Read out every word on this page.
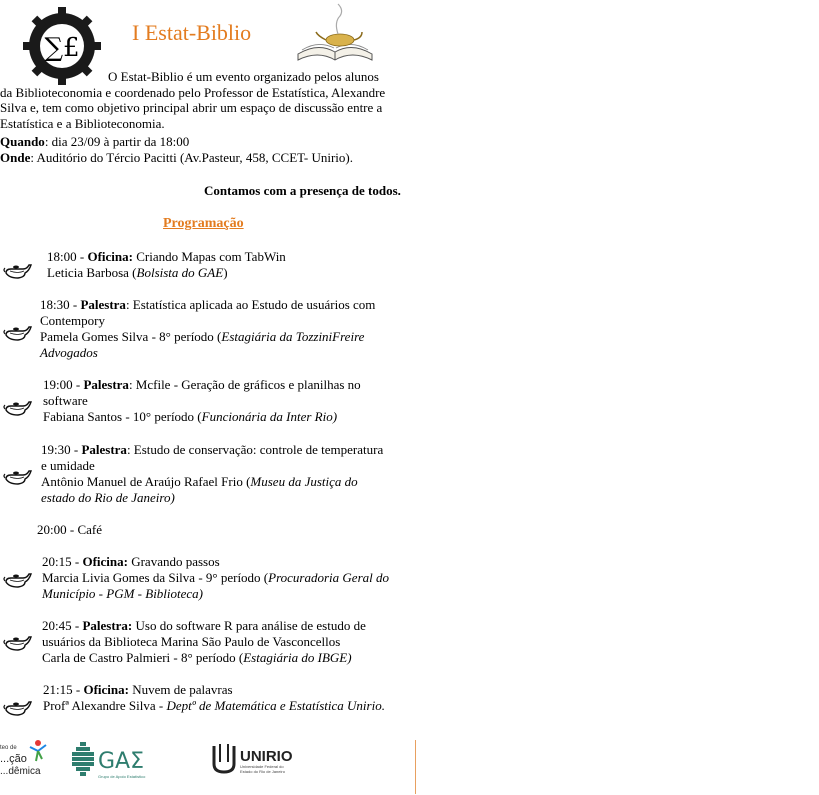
∑£
I Estat-Biblio
O Estat-Biblio é um evento organizado pelos alunos
da Biblioteconomia e coordenado pelo Professor de Estatística, Alexandre
Silva e, tem como objetivo principal abrir um espaço de discussão entre a
Estatística e a Biblioteconomia.
Quando: dia 23/09 à partir da 18:00
Onde: Auditório do Tércio Pacitti (Av.Pasteur, 458, CCET- Unirio).
Contamos com a presença de todos.
Programação
18:00 - Oficina: Criando Mapas com TabWin
Leticia Barbosa (Bolsista do GAE)
18:30 - Palestra: Estatística aplicada ao Estudo de usuários com
Contempory
Pamela Gomes Silva - 8° período (Estagiária da TozziniFreire
Advogados
19:00 - Palestra: Mcfile - Geração de gráficos e planilhas no
software
Fabiana Santos - 10° período (Funcionária da Inter Rio)
19:30 - Palestra: Estudo de conservação: controle de temperatura
e umidade
Antônio Manuel de Araújo Rafael Frio (Museu da Justiça do
estado do Rio de Janeiro)
20:15 - Oficina: Gravando passos
Marcia Livia Gomes da Silva - 9° período (Procuradoria Geral do
Município - PGM - Biblioteca)
20:45 - Palestra: Uso do software R para análise de estudo de
usuários da Biblioteca Marina São Paulo de Vasconcellos
Carla de Castro Palmieri - 8° período (Estagiária do IBGE)
21:15 - Oficina: Nuvem de palavras
Profª Alexandre Silva - Deptº de Matemática e Estatística Unirio.
20:00 - Café
teo de
...ção
...dêmica	GAΣ
Grupo de Apoio Estatístico
UNIRIO
Universidade Federal do
Estado do Rio de Janeiro
